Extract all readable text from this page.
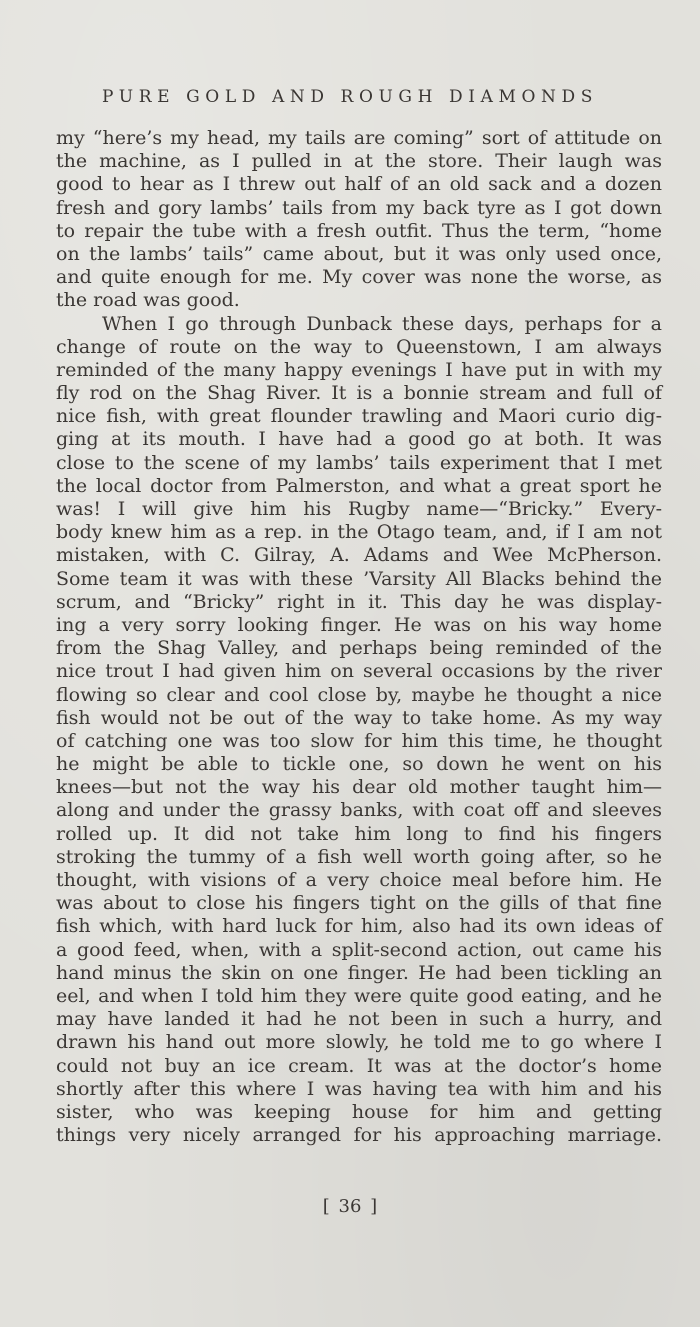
PURE GOLD AND ROUGH DIAMONDS
my “here’s my head, my tails are coming” sort of attitude on
the machine, as I pulled in at the store. Their laugh was
good to hear as I threw out half of an old sack and a dozen
fresh and gory lambs’ tails from my back tyre as I got down
to repair the tube with a fresh outfit. Thus the term, “home
on the lambs’ tails” came about, but it was only used once,
and quite enough for me. My cover was none the worse, as
the road was good.
When I go through Dunback these days, perhaps for a
change of route on the way to Queenstown, I am always
reminded of the many happy evenings I have put in with my
fly rod on the Shag River. It is a bonnie stream and full of
nice fish, with great flounder trawling and Maori curio dig-
ging at its mouth. I have had a good go at both. It was
close to the scene of my lambs’ tails experiment that I met
the local doctor from Palmerston, and what a great sport he
was! I will give him his Rugby name—“Bricky.” Every-
body knew him as a rep. in the Otago team, and, if I am not
mistaken, with C. Gilray, A. Adams and Wee McPherson.
Some team it was with these ’Varsity All Blacks behind the
scrum, and “Bricky” right in it. This day he was display-
ing a very sorry looking finger. He was on his way home
from the Shag Valley, and perhaps being reminded of the
nice trout I had given him on several occasions by the river
flowing so clear and cool close by, maybe he thought a nice
fish would not be out of the way to take home. As my way
of catching one was too slow for him this time, he thought
he might be able to tickle one, so down he went on his
knees—but not the way his dear old mother taught him—
along and under the grassy banks, with coat off and sleeves
rolled up. It did not take him long to find his fingers
stroking the tummy of a fish well worth going after, so he
thought, with visions of a very choice meal before him. He
was about to close his fingers tight on the gills of that fine
fish which, with hard luck for him, also had its own ideas of
a good feed, when, with a split-second action, out came his
hand minus the skin on one finger. He had been tickling an
eel, and when I told him they were quite good eating, and he
may have landed it had he not been in such a hurry, and
drawn his hand out more slowly, he told me to go where I
could not buy an ice cream. It was at the doctor’s home
shortly after this where I was having tea with him and his
sister, who was keeping house for him and getting
things very nicely arranged for his approaching marriage.
[ 36 ]
